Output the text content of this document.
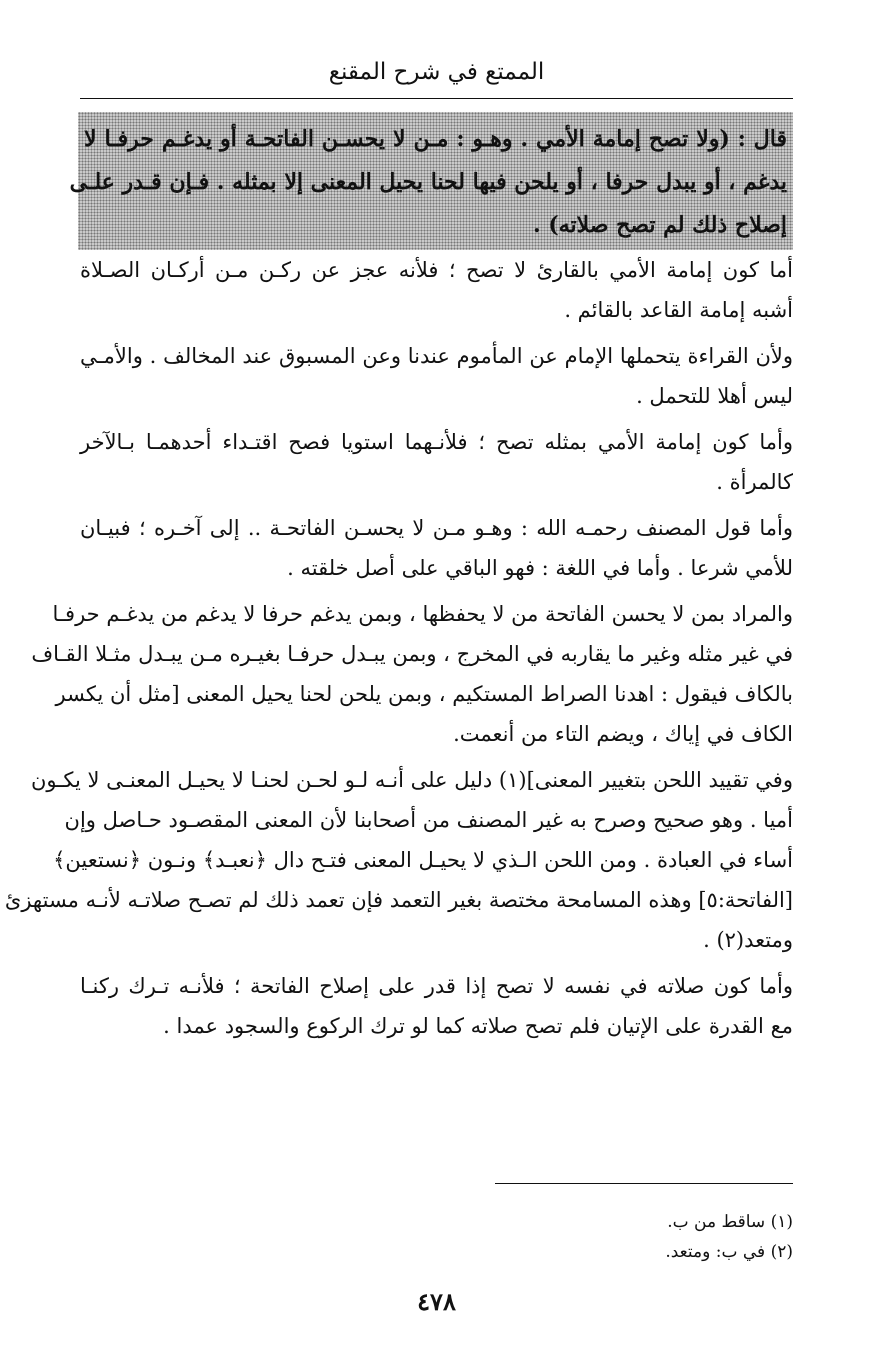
الممتع في شرح المقنع
قال : (ولا تصح إمامة الأمي . وهـو : مـن لا يحسـن الفاتحـة أو يدغـم حرفـا لا
يدغم ، أو يبدل حرفا ، أو يلحن فيها لحنا يحيل المعنى إلا بمثله . فـإن قـدر علـى
إصلاح ذلك لم تصح صلاته) .
أما كون إمامة الأمي بالقارئ لا تصح ؛ فلأنه عجز عن ركـن مـن أركـان الصـلاة
أشبه إمامة القاعد بالقائم .
ولأن القراءة يتحملها الإمام عن المأموم عندنا وعن المسبوق عند المخالف . والأمـي
ليس أهلا للتحمل .
وأما كون إمامة الأمي بمثله تصح ؛ فلأنـهما استويا فصح اقتـداء أحدهمـا بـالآخر
كالمرأة .
وأما قول المصنف رحمـه الله : وهـو مـن لا يحسـن الفاتحـة .. إلى آخـره ؛ فبيـان
للأمي شرعا . وأما في اللغة : فهو الباقي على أصل خلقته .
والمراد بمن لا يحسن الفاتحة من لا يحفظها ، وبمن يدغم حرفا لا يدغم من يدغـم حرفـا
في غير مثله وغير ما يقاربه في المخرج ، وبمن يبـدل حرفـا بغيـره مـن يبـدل مثـلا القـاف
بالكاف فيقول : اهدنا الصراط المستكيم ، وبمن يلحن لحنا يحيل المعنى [مثل أن يكسر
الكاف في إياك ، ويضم التاء من أنعمت.
وفي تقييد اللحن بتغيير المعنى](١) دليل على أنـه لـو لحـن لحنـا لا يحيـل المعنـى لا يكـون
أميا . وهو صحيح وصرح به غير المصنف من أصحابنا لأن المعنى المقصـود حـاصل وإن
أساء في العبادة . ومن اللحن الـذي لا يحيـل المعنى فتـح دال ﴿نعبـد﴾ ونـون ﴿نستعين﴾
[الفاتحة:٥] وهذه المسامحة مختصة بغير التعمد فإن تعمد ذلك لم تصـح صلاتـه لأنـه مستهزئ
ومتعد(٢) .
وأما كون صلاته في نفسه لا تصح إذا قدر على إصلاح الفاتحة ؛ فلأنـه تـرك ركنـا
مع القدرة على الإتيان فلم تصح صلاته كما لو ترك الركوع والسجود عمدا .
(١) ساقط من ب.
(٢) في ب: ومتعد.
٤٧٨
